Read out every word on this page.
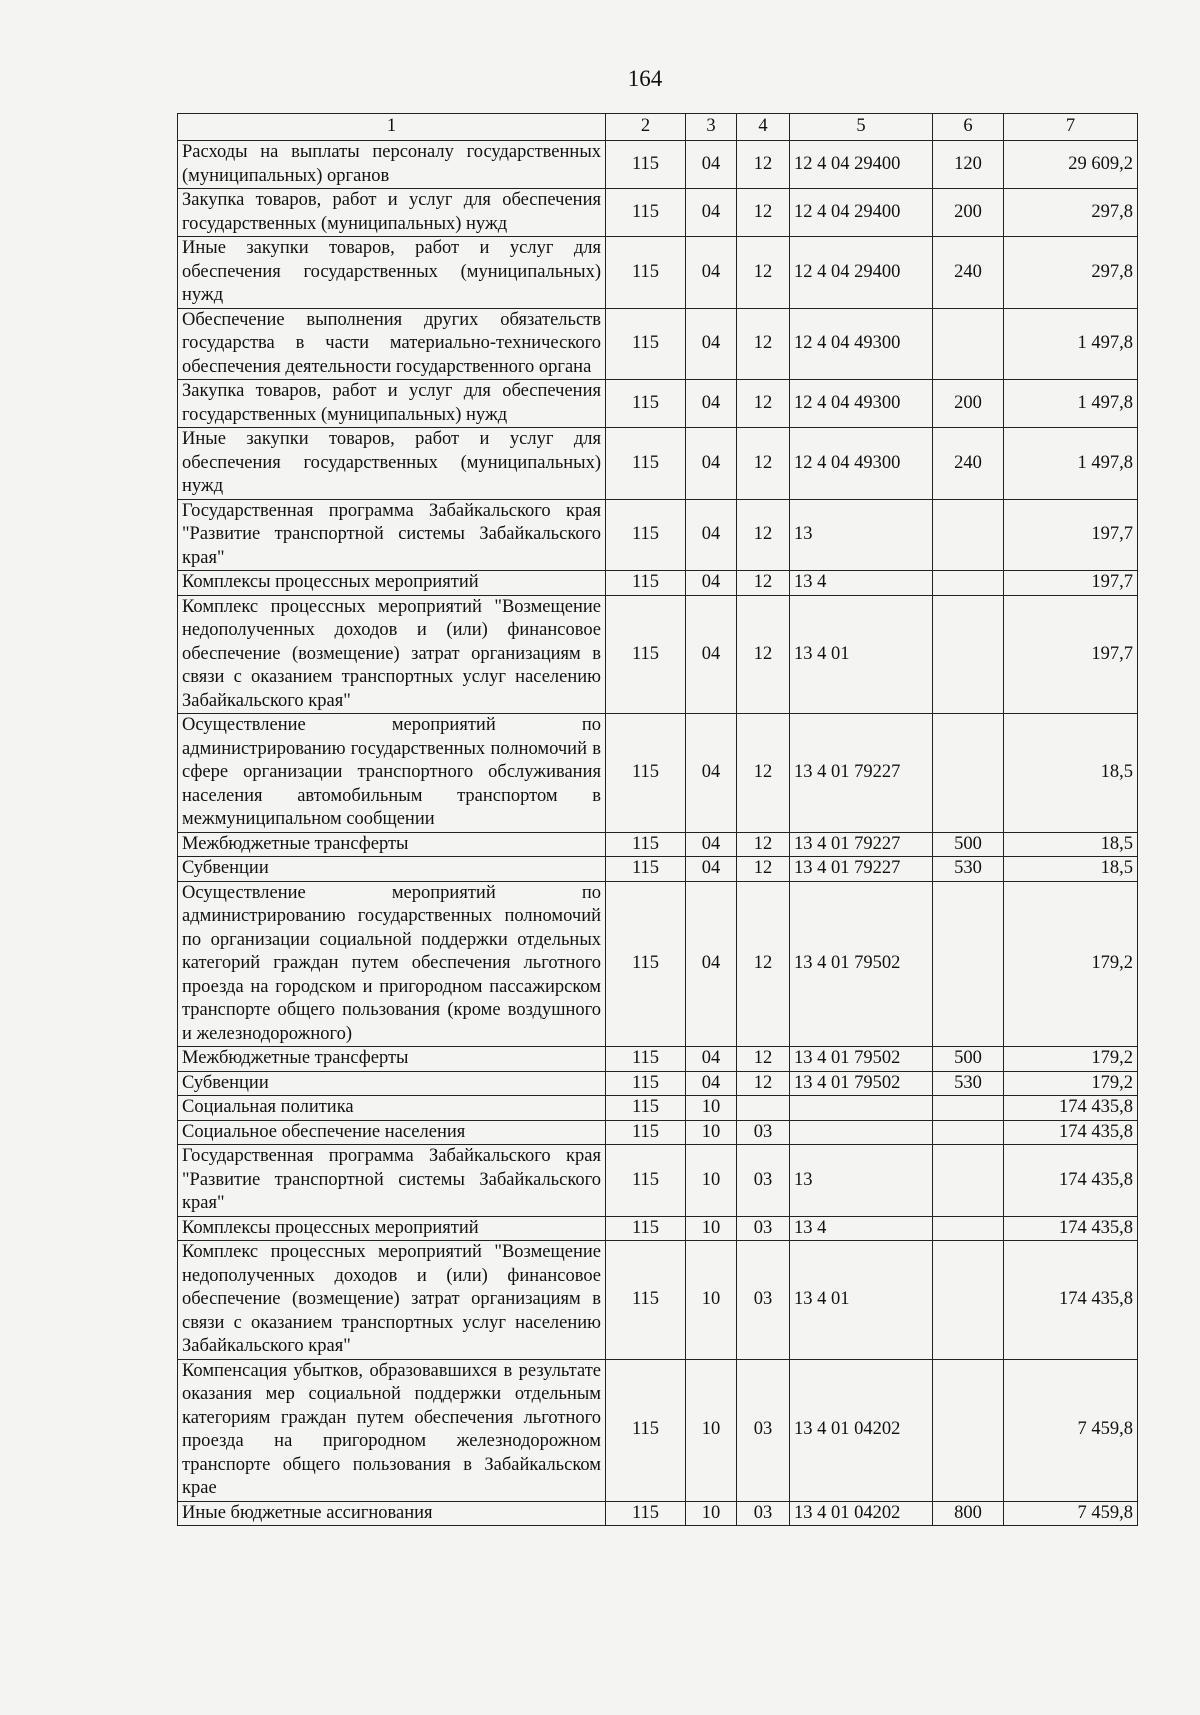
164
1	2	3	4	5	6	7
Расходы на выплаты персоналу государственных (муниципальных) органов	115	04	12	12 4 04 29400	120	29 609,2
Закупка товаров, работ и услуг для обеспечения государственных (муниципальных) нужд	115	04	12	12 4 04 29400	200	297,8
Иные закупки товаров, работ и услуг для обеспечения государственных (муниципальных) нужд	115	04	12	12 4 04 29400	240	297,8
Обеспечение выполнения других обязательств государства в части материально-технического обеспечения деятельности государственного органа	115	04	12	12 4 04 49300		1 497,8
Закупка товаров, работ и услуг для обеспечения государственных (муниципальных) нужд	115	04	12	12 4 04 49300	200	1 497,8
Иные закупки товаров, работ и услуг для обеспечения государственных (муниципальных) нужд	115	04	12	12 4 04 49300	240	1 497,8
Государственная программа Забайкальского края "Развитие транспортной системы Забайкальского края"	115	04	12	13		197,7
Комплексы процессных мероприятий	115	04	12	13 4		197,7
Комплекс процессных мероприятий "Возмещение недополученных доходов и (или) финансовое обеспечение (возмещение) затрат организациям в связи с оказанием транспортных услуг населению Забайкальского края"	115	04	12	13 4 01		197,7
Осуществление мероприятий по администрированию государственных полномочий в сфере организации транспортного обслуживания населения автомобильным транспортом в межмуниципальном сообщении	115	04	12	13 4 01 79227		18,5
Межбюджетные трансферты	115	04	12	13 4 01 79227	500	18,5
Субвенции	115	04	12	13 4 01 79227	530	18,5
Осуществление мероприятий по администрированию государственных полномочий по организации социальной поддержки отдельных категорий граждан путем обеспечения льготного проезда на городском и пригородном пассажирском транспорте общего пользования (кроме воздушного и железнодорожного)	115	04	12	13 4 01 79502		179,2
Межбюджетные трансферты	115	04	12	13 4 01 79502	500	179,2
Субвенции	115	04	12	13 4 01 79502	530	179,2
Социальная политика	115	10				174 435,8
Социальное обеспечение населения	115	10	03			174 435,8
Государственная программа Забайкальского края "Развитие транспортной системы Забайкальского края"	115	10	03	13		174 435,8
Комплексы процессных мероприятий	115	10	03	13 4		174 435,8
Комплекс процессных мероприятий "Возмещение недополученных доходов и (или) финансовое обеспечение (возмещение) затрат организациям в связи с оказанием транспортных услуг населению Забайкальского края"	115	10	03	13 4 01		174 435,8
Компенсация убытков, образовавшихся в результате оказания мер социальной поддержки отдельным категориям граждан путем обеспечения льготного проезда на пригородном железнодорожном транспорте общего пользования в Забайкальском крае	115	10	03	13 4 01 04202		7 459,8
Иные бюджетные ассигнования	115	10	03	13 4 01 04202	800	7 459,8
